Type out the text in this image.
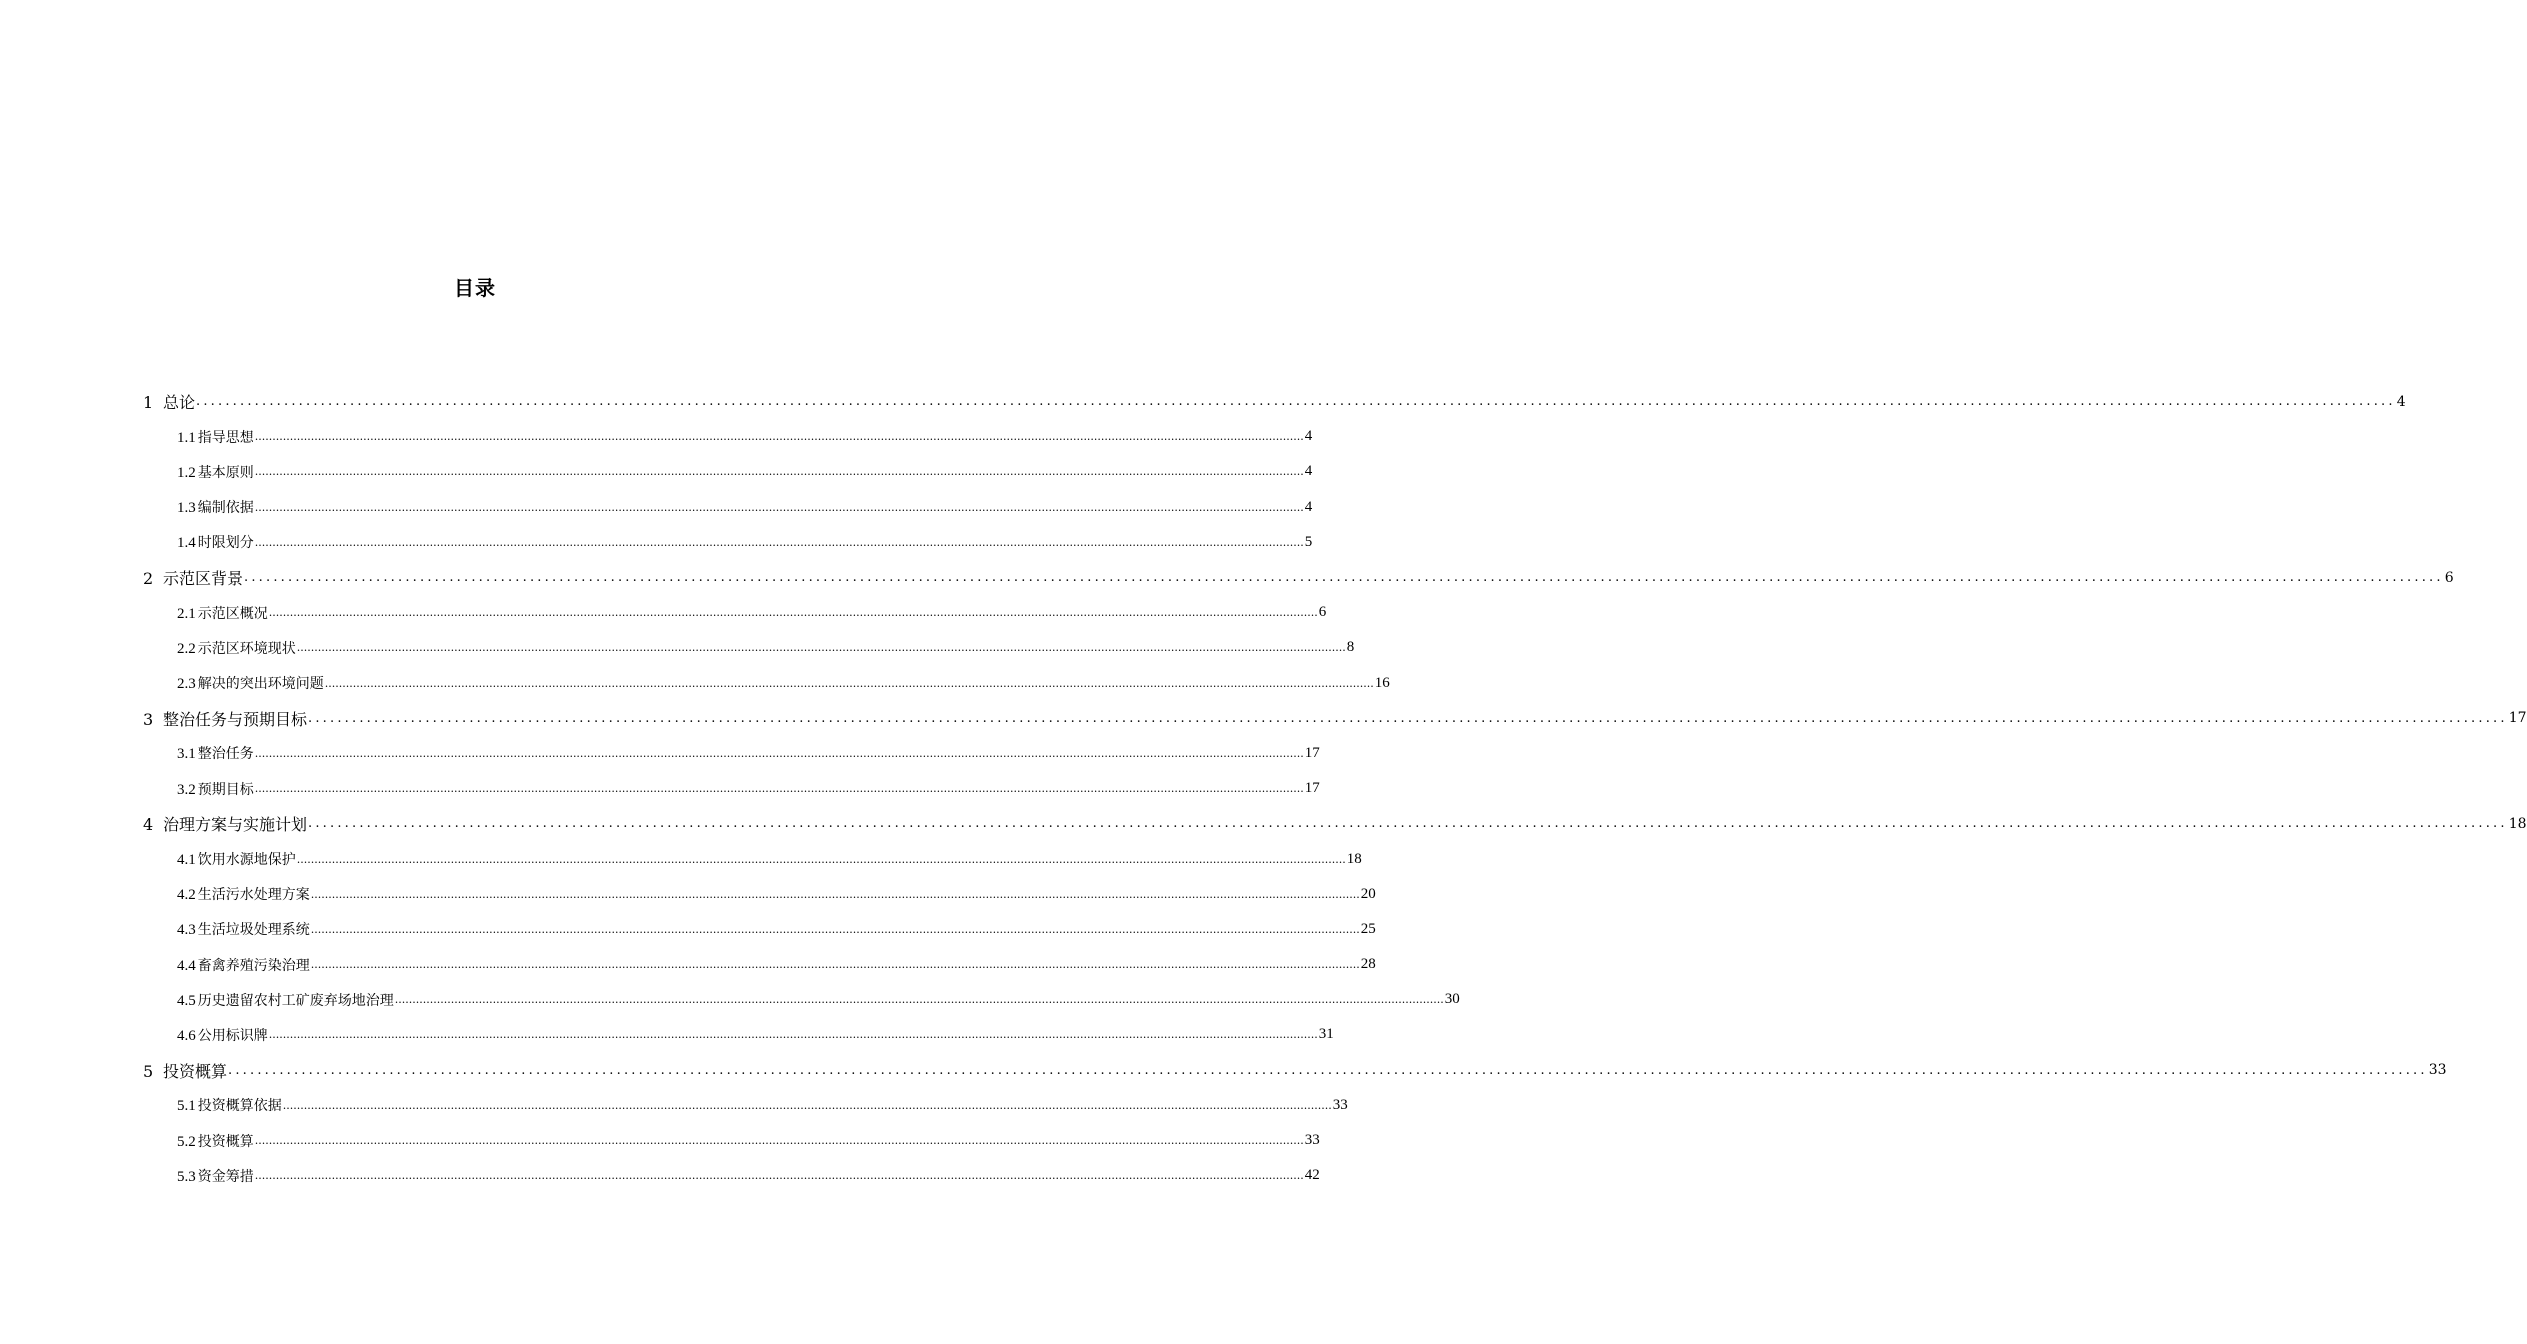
目录
1 总论 ............................................................................................................................................................................................................................................................................................................ 4
1.1 指导思想 ............................................................................................................................................................................................................................................................................................................ 4
1.2 基本原则 ............................................................................................................................................................................................................................................................................................................ 4
1.3 编制依据 ............................................................................................................................................................................................................................................................................................................ 4
1.4 时限划分 ............................................................................................................................................................................................................................................................................................................ 5
2 示范区背景 ............................................................................................................................................................................................................................................................................................................ 6
2.1 示范区概况 ............................................................................................................................................................................................................................................................................................................ 6
2.2 示范区环境现状 ............................................................................................................................................................................................................................................................................................................ 8
2.3 解决的突出环境问题 ............................................................................................................................................................................................................................................................................................................ 16
3 整治任务与预期目标 ............................................................................................................................................................................................................................................................................................................ 17
3.1 整治任务 ............................................................................................................................................................................................................................................................................................................ 17
3.2 预期目标 ............................................................................................................................................................................................................................................................................................................ 17
4 治理方案与实施计划 ............................................................................................................................................................................................................................................................................................................ 18
4.1 饮用水源地保护 ............................................................................................................................................................................................................................................................................................................ 18
4.2 生活污水处理方案 ............................................................................................................................................................................................................................................................................................................ 20
4.3 生活垃圾处理系统 ............................................................................................................................................................................................................................................................................................................ 25
4.4 畜禽养殖污染治理 ............................................................................................................................................................................................................................................................................................................ 28
4.5 历史遗留农村工矿废弃场地治理 ............................................................................................................................................................................................................................................................................................................ 30
4.6 公用标识牌 ............................................................................................................................................................................................................................................................................................................ 31
5 投资概算 ............................................................................................................................................................................................................................................................................................................ 33
5.1 投资概算依据 ............................................................................................................................................................................................................................................................................................................ 33
5.2 投资概算 ............................................................................................................................................................................................................................................................................................................ 33
5.3 资金筹措 ............................................................................................................................................................................................................................................................................................................ 42
